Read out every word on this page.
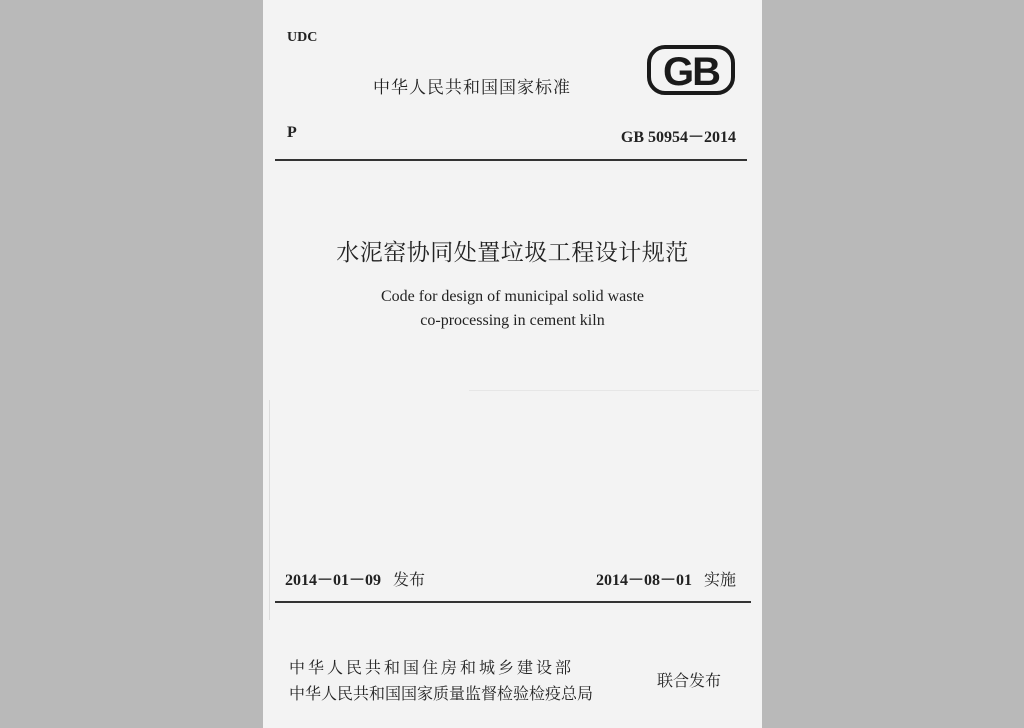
UDC
中华人民共和国国家标准 GB
P	GB 50954－2014
水泥窑协同处置垃圾工程设计规范
Code for design of municipal solid waste
co-processing in cement kiln
2014－01－09 发布	2014－08－01 实施
中华人民共和国住房和城乡建设部
中华人民共和国国家质量监督检验检疫总局
联合发布
